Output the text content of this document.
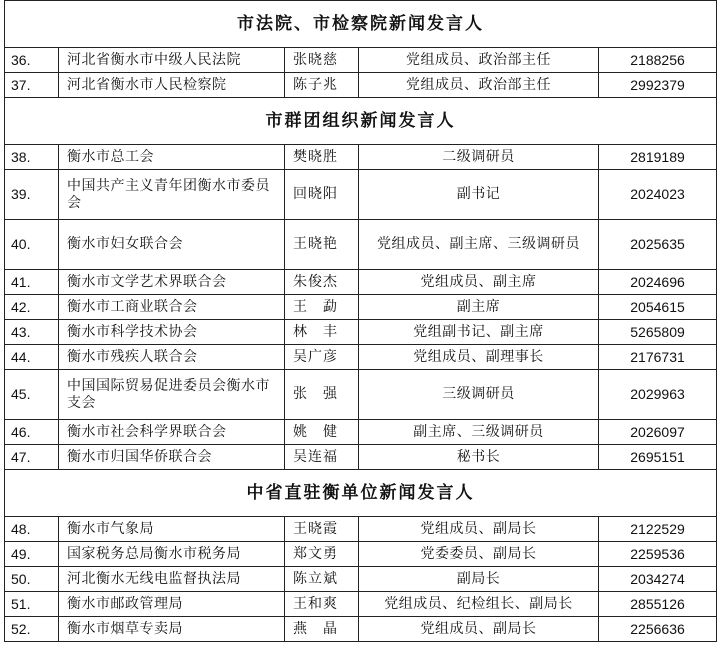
市法院、市检察院新闻发言人				
36.	河北省衡水市中级人民法院	张晓慈	党组成员、政治部主任	2188256
37.	河北省衡水市人民检察院	陈子兆	党组成员、政治部主任	2992379
市群团组织新闻发言人				
38.	衡水市总工会	樊晓胜	二级调研员	2819189
39.	中国共产主义青年团衡水市委员会	回晓阳	副书记	2024023
40.	衡水市妇女联合会	王晓艳	党组成员、副主席、三级调研员	2025635
41.	衡水市文学艺术界联合会	朱俊杰	党组成员、副主席	2024696
42.	衡水市工商业联合会	王　勐	副主席	2054615
43.	衡水市科学技术协会	林　丰	党组副书记、副主席	5265809
44.	衡水市残疾人联合会	吴广彦	党组成员、副理事长	2176731
45.	中国国际贸易促进委员会衡水市支会	张　强	三级调研员	2029963
46.	衡水市社会科学界联合会	姚　健	副主席、三级调研员	2026097
47.	衡水市归国华侨联合会	吴连福	秘书长	2695151
中省直驻衡单位新闻发言人				
48.	衡水市气象局	王晓霞	党组成员、副局长	2122529
49.	国家税务总局衡水市税务局	郑文勇	党委委员、副局长	2259536
50.	河北衡水无线电监督执法局	陈立斌	副局长	2034274
51.	衡水市邮政管理局	王和爽	党组成员、纪检组长、副局长	2855126
52.	衡水市烟草专卖局	燕　晶	党组成员、副局长	2256636
